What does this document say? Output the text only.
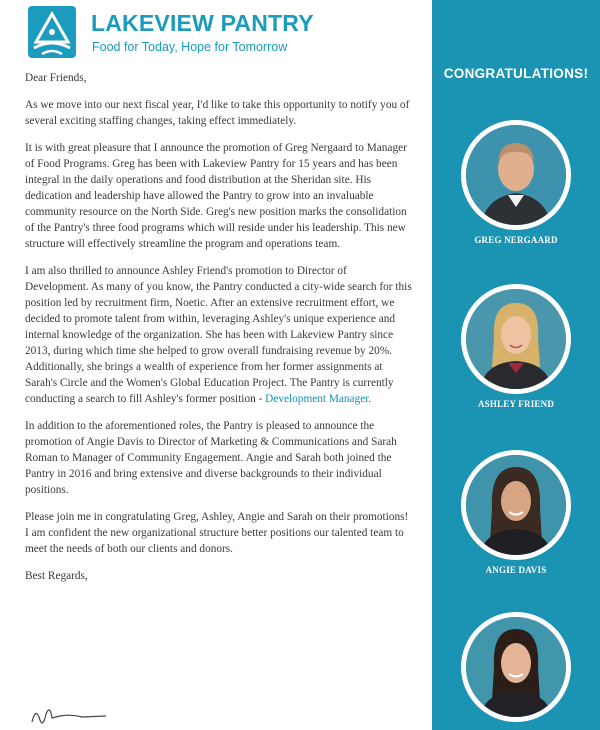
LAKEVIEW PANTRY
Food for Today, Hope for Tomorrow

Dear Friends,

As we move into our next fiscal year, I'd like to take this opportunity to notify you of several exciting staffing changes, taking effect immediately.

It is with great pleasure that I announce the promotion of Greg Nergaard to Manager of Food Programs. Greg has been with Lakeview Pantry for 15 years and has been integral in the daily operations and food distribution at the Sheridan site. His dedication and leadership have allowed the Pantry to grow into an invaluable community resource on the North Side. Greg's new position marks the consolidation of the Pantry's three food programs which will reside under his leadership. This new structure will effectively streamline the program and operations team.

I am also thrilled to announce Ashley Friend's promotion to Director of Development. As many of you know, the Pantry conducted a city-wide search for this position led by recruitment firm, Noetic. After an extensive recruitment effort, we decided to promote talent from within, leveraging Ashley's unique experience and internal knowledge of the organization. She has been with Lakeview Pantry since 2013, during which time she helped to grow overall fundraising revenue by 20%. Additionally, she brings a wealth of experience from her former assignments at Sarah's Circle and the Women's Global Education Project. The Pantry is currently conducting a search to fill Ashley's former position - Development Manager.

In addition to the aforementioned roles, the Pantry is pleased to announce the promotion of Angie Davis to Director of Marketing & Communications and Sarah Roman to Manager of Community Engagement. Angie and Sarah both joined the Pantry in 2016 and bring extensive and diverse backgrounds to their individual positions.

Please join me in congratulating Greg, Ashley, Angie and Sarah on their promotions! I am confident the new organizational structure better positions our talented team to meet the needs of both our clients and donors.

Best Regards,

CONGRATULATIONS!
GREG NERGAARD
ASHLEY FRIEND
ANGIE DAVIS
